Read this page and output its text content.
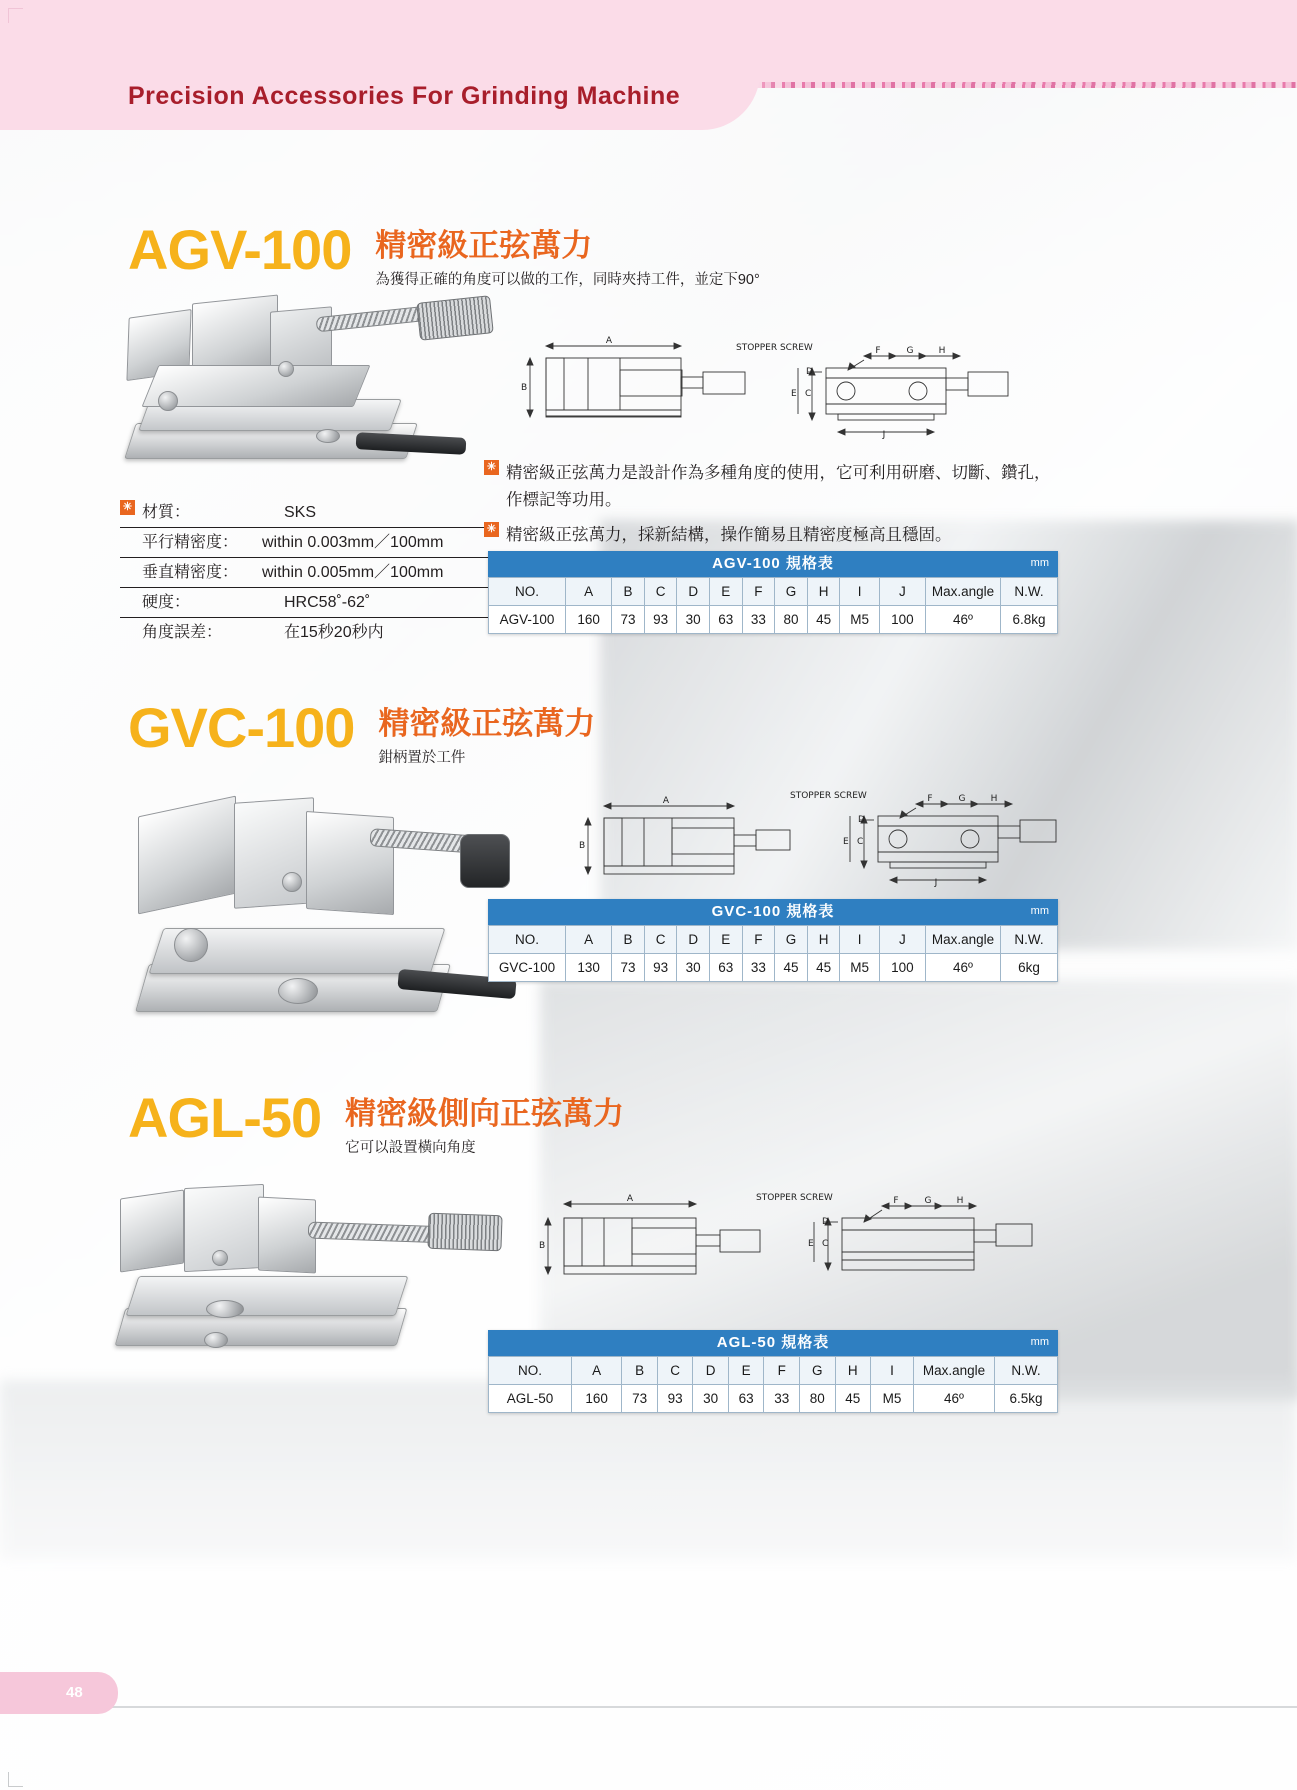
Precision Accessories For Grinding Machine
AGV-100 精密級正弦萬力
為獲得正確的角度可以做的工作，同時夾持工件，並定下90°
A
B
E C
J
D
F	G	H
STOPPER SCREW
✳ 材質：	SKS
平行精密度：	within 0.003mm／100mm
垂直精密度：	within 0.005mm／100mm
硬度：	HRC58˚-62˚
角度誤差：	在15秒20秒内
✳ 精密級正弦萬力是設計作為多種角度的使用，它可利用研磨、切斷、鑽孔，作標記等功用。
✳ 精密級正弦萬力，採新結構，操作簡易且精密度極高且穩固。
AGV-100 規格表	mm
NO.	A	B	C	D	E	F	G	H	I	J	Max.angle	N.W.
AGV-100	160	73	93	30	63	33	80	45	M5	100	46º	6.8kg
GVC-100 精密級正弦萬力
鉗柄置於工件
A
B	E C
J
D
F	G	H
STOPPER SCREW
GVC-100 規格表	mm
NO.	A	B	C	D	E	F	G	H	I	J	Max.angle	N.W.
GVC-100	130	73	93	30	63	33	45	45	M5	100	46º	6kg
AGL-50 精密級側向正弦萬力
它可以設置橫向角度
A
B	E C
D
F	G	H
STOPPER SCREW
AGL-50 規格表	mm
NO.	A	B	C	D	E	F	G	H	I	Max.angle	N.W.
AGL-50	160	73	93	30	63	33	80	45	M5	46º	6.5kg
48
